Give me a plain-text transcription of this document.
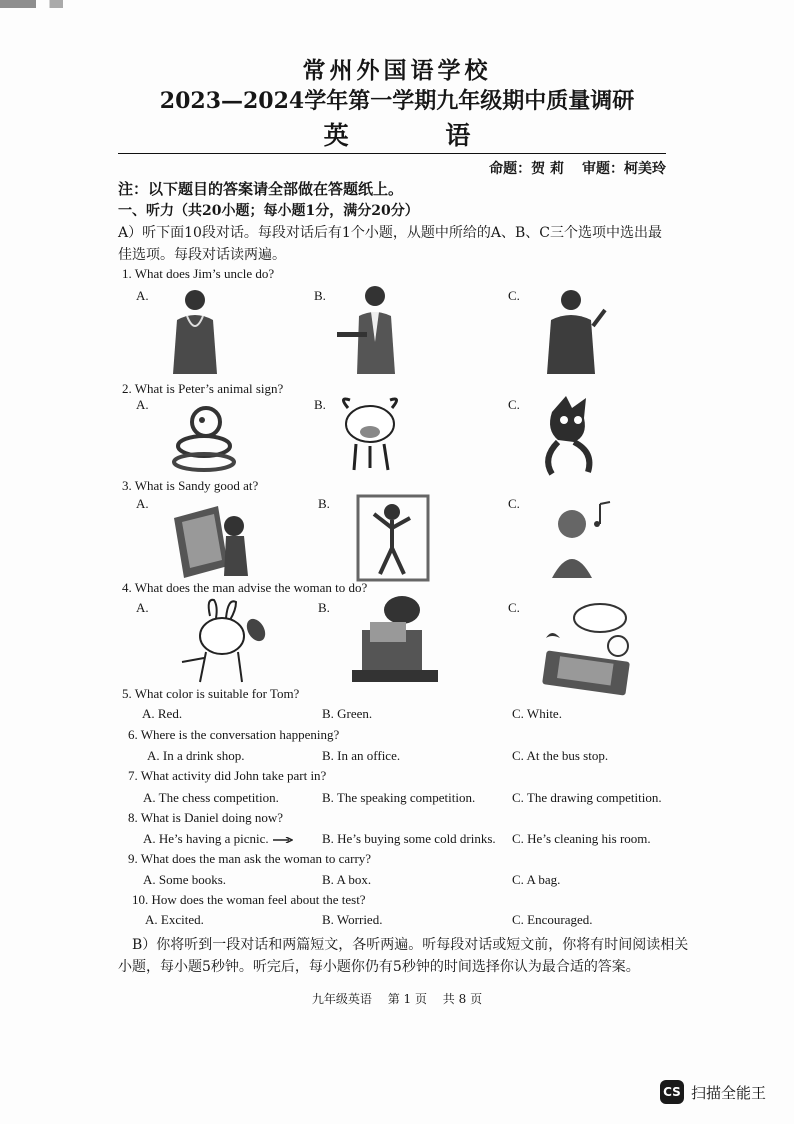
常州外国语学校
2023—2024学年第一学期九年级期中质量调研
英 语
命题：贺 莉 审题：柯美玲
注：以下题目的答案请全部做在答题纸上。
一、听力（共20小题；每小题1分，满分20分）
A）听下面10段对话。每段对话后有1个小题，从题中所给的A、B、C三个选项中选出最
佳选项。每段对话读两遍。
1. What does Jim’s uncle do?
A.	B.	C.
2. What is Peter’s animal sign?
A.	B.	C.
3. What is Sandy good at?
A.	B.	C.
4. What does the man advise the woman to do?
A.	B.	C.
5. What color is suitable for Tom?
A. Red.	B. Green.	C. White.
6. Where is the conversation happening?
A. In a drink shop.	B. In an office.	C. At the bus stop.
7. What activity did John take part in?
A. The chess competition.	B. The speaking competition.	C. The drawing competition.
8. What is Daniel doing now?
A. He’s having a picnic.	B. He’s buying some cold drinks. C. He’s cleaning his room.
9. What does the man ask the woman to carry?
A. Some books.	B. A box.	C. A bag.
10. How does the woman feel about the test?
A. Excited.	B. Worried.	C. Encouraged.
B）你将听到一段对话和两篇短文，各听两遍。听每段对话或短文前，你将有时间阅读相关
小题，每小题5秒钟。听完后，每小题你仍有5秒钟的时间选择你认为最合适的答案。
九年级英语　 第 1 页　 共 8 页
CS 扫描全能王
